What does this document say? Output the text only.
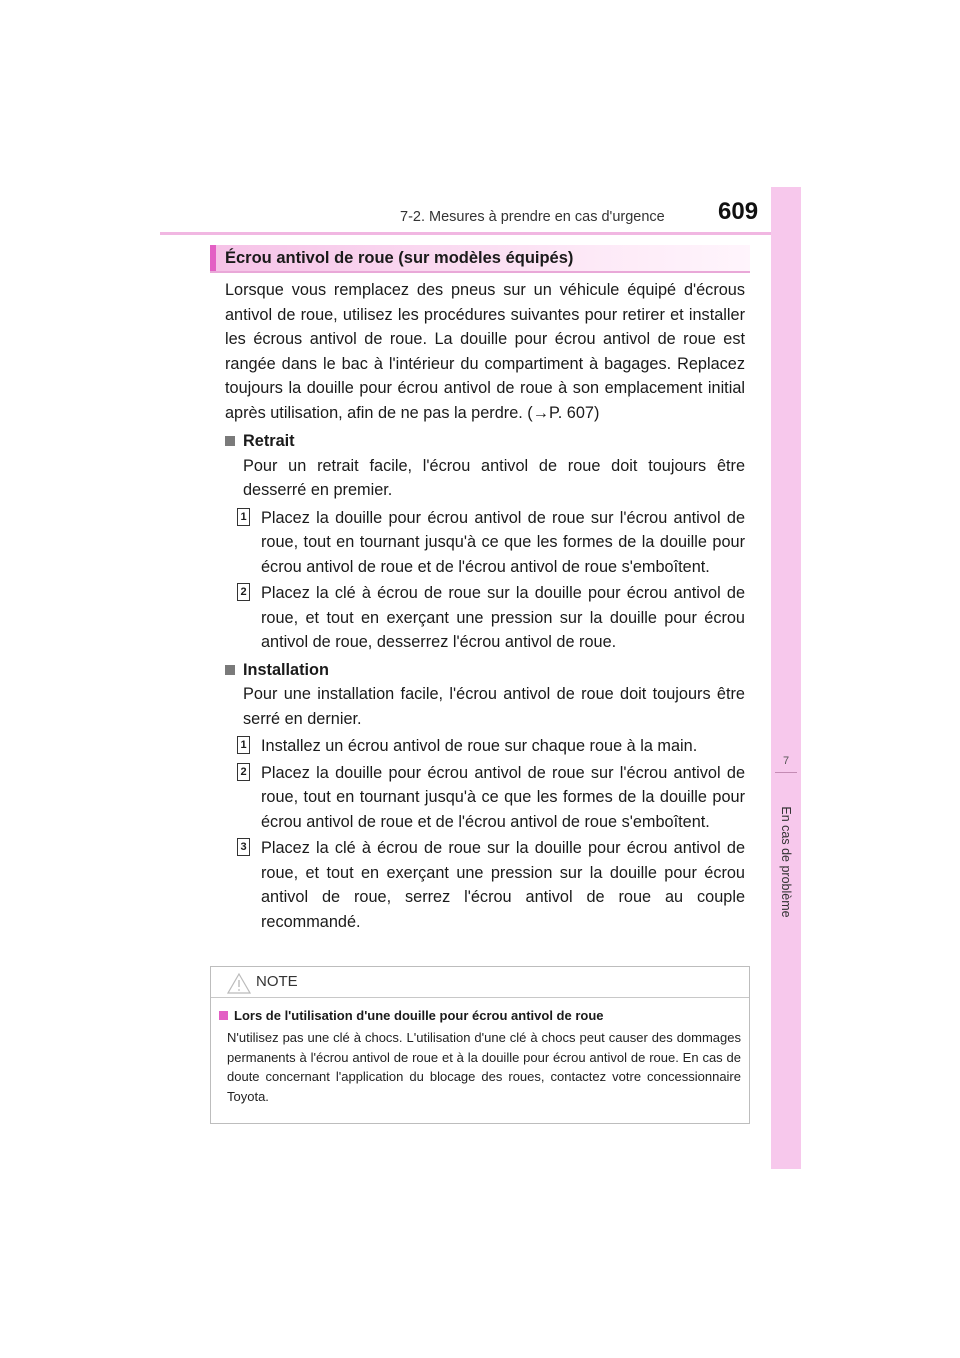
7-2. Mesures à prendre en cas d'urgence 609
7
En cas de problème
Écrou antivol de roue (sur modèles équipés)

Lorsque vous remplacez des pneus sur un véhicule équipé d'écrous antivol de roue, utilisez les procédures suivantes pour retirer et installer les écrous antivol de roue. La douille pour écrou antivol de roue est rangée dans le bac à l'intérieur du compartiment à bagages. Replacez toujours la douille pour écrou antivol de roue à son emplacement initial après utilisation, afin de ne pas la perdre. (→P. 607)

Retrait

Pour un retrait facile, l'écrou antivol de roue doit toujours être desserré en premier.

1 Placez la douille pour écrou antivol de roue sur l'écrou antivol de roue, tout en tournant jusqu'à ce que les formes de la douille pour écrou antivol de roue et de l'écrou antivol de roue s'emboîtent.

2 Placez la clé à écrou de roue sur la douille pour écrou antivol de roue, et tout en exerçant une pression sur la douille pour écrou antivol de roue, desserrez l'écrou antivol de roue.

Installation

Pour une installation facile, l'écrou antivol de roue doit toujours être serré en dernier.

1 Installez un écrou antivol de roue sur chaque roue à la main.

2 Placez la douille pour écrou antivol de roue sur l'écrou antivol de roue, tout en tournant jusqu'à ce que les formes de la douille pour écrou antivol de roue et de l'écrou antivol de roue s'emboîtent.

3 Placez la clé à écrou de roue sur la douille pour écrou antivol de roue, et tout en exerçant une pression sur la douille pour écrou antivol de roue, serrez l'écrou antivol de roue au couple recommandé.

NOTE

Lors de l'utilisation d'une douille pour écrou antivol de roue

N'utilisez pas une clé à chocs. L'utilisation d'une clé à chocs peut causer des dommages permanents à l'écrou antivol de roue et à la douille pour écrou antivol de roue. En cas de doute concernant l'application du blocage des roues, contactez votre concessionnaire Toyota.
